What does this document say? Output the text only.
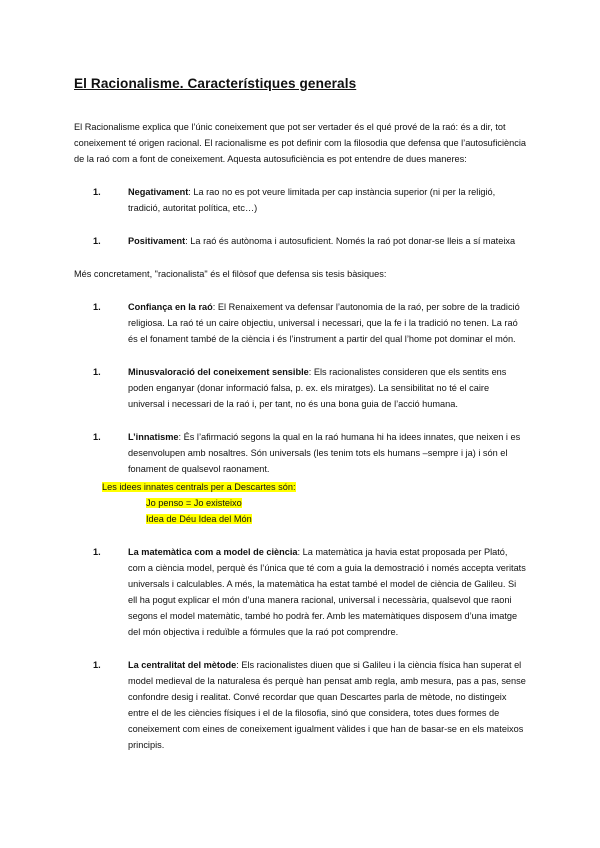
El Racionalisme. Característiques generals

El Racionalisme explica que l’únic coneixement que pot ser vertader és el qué prové de la raó: és a dir, tot coneixement té origen racional. El racionalisme es pot definir com la filosodia que defensa que l’autosuficiència de la raó com a font de coneixement. Aquesta autosuficiència es pot entendre de dues maneres:

1.	Negativament: La rao no es pot veure limitada per cap instància superior (ni per la religió, tradició, autoritat política, etc…)
1.	Positivament: La raó és autònoma i autosuficient. Només la raó pot donar-se lleis a sí mateixa

Més concretament, "racionalista" és el filòsof que defensa sis tesis bàsiques:

1.	Confiança en la raó: El Renaixement va defensar l’autonomia de la raó, per sobre de la tradició religiosa. La raó té un caire objectiu, universal i necessari, que la fe i la tradició no tenen. La raó és el fonament també de la ciència i és l’instrument a partir del qual l’home pot dominar el món.
1.	Minusvaloració del coneixement sensible: Els racionalistes consideren que els sentits ens poden enganyar (donar informació falsa, p. ex. els miratges). La sensibilitat no té el caire universal i necessari de la raó i, per tant, no és una bona guia de l’acció humana.
1.	L’innatisme: És l’afirmació segons la qual en la raó humana hi ha idees innates, que neixen i es desenvolupen amb nosaltres. Són universals (les tenim tots els humans –sempre i ja) i són el fonament de qualsevol raonament.
Les idees innates centrals per a Descartes són:
Jo penso = Jo existeixo
Idea de Déu Idea del Món
1.	La matemàtica com a model de ciència: La matemàtica ja havia estat proposada per Plató, com a ciència model, perquè és l’única que té com a guia la demostració i només accepta veritats universals i calculables. A més, la matemàtica ha estat també el model de ciència de Galileu. Si ell ha pogut explicar el món d’una manera racional, universal i necessària, qualsevol que raoni segons el model matemàtic, també ho podrà fer. Amb les matemàtiques disposem d’una imatge del món objectiva i reduïble a fórmules que la raó pot comprendre.
1.	La centralitat del mètode: Els racionalistes diuen que si Galileu i la ciència física han superat el model medieval de la naturalesa és perquè han pensat amb regla, amb mesura, pas a pas, sense confondre desig i realitat. Convé recordar que quan Descartes parla de mètode, no distingeix entre el de les ciències físiques i el de la filosofia, sinó que considera, totes dues formes de coneixement com eines de coneixement igualment vàlides i que han de basar-se en els mateixos principis.
